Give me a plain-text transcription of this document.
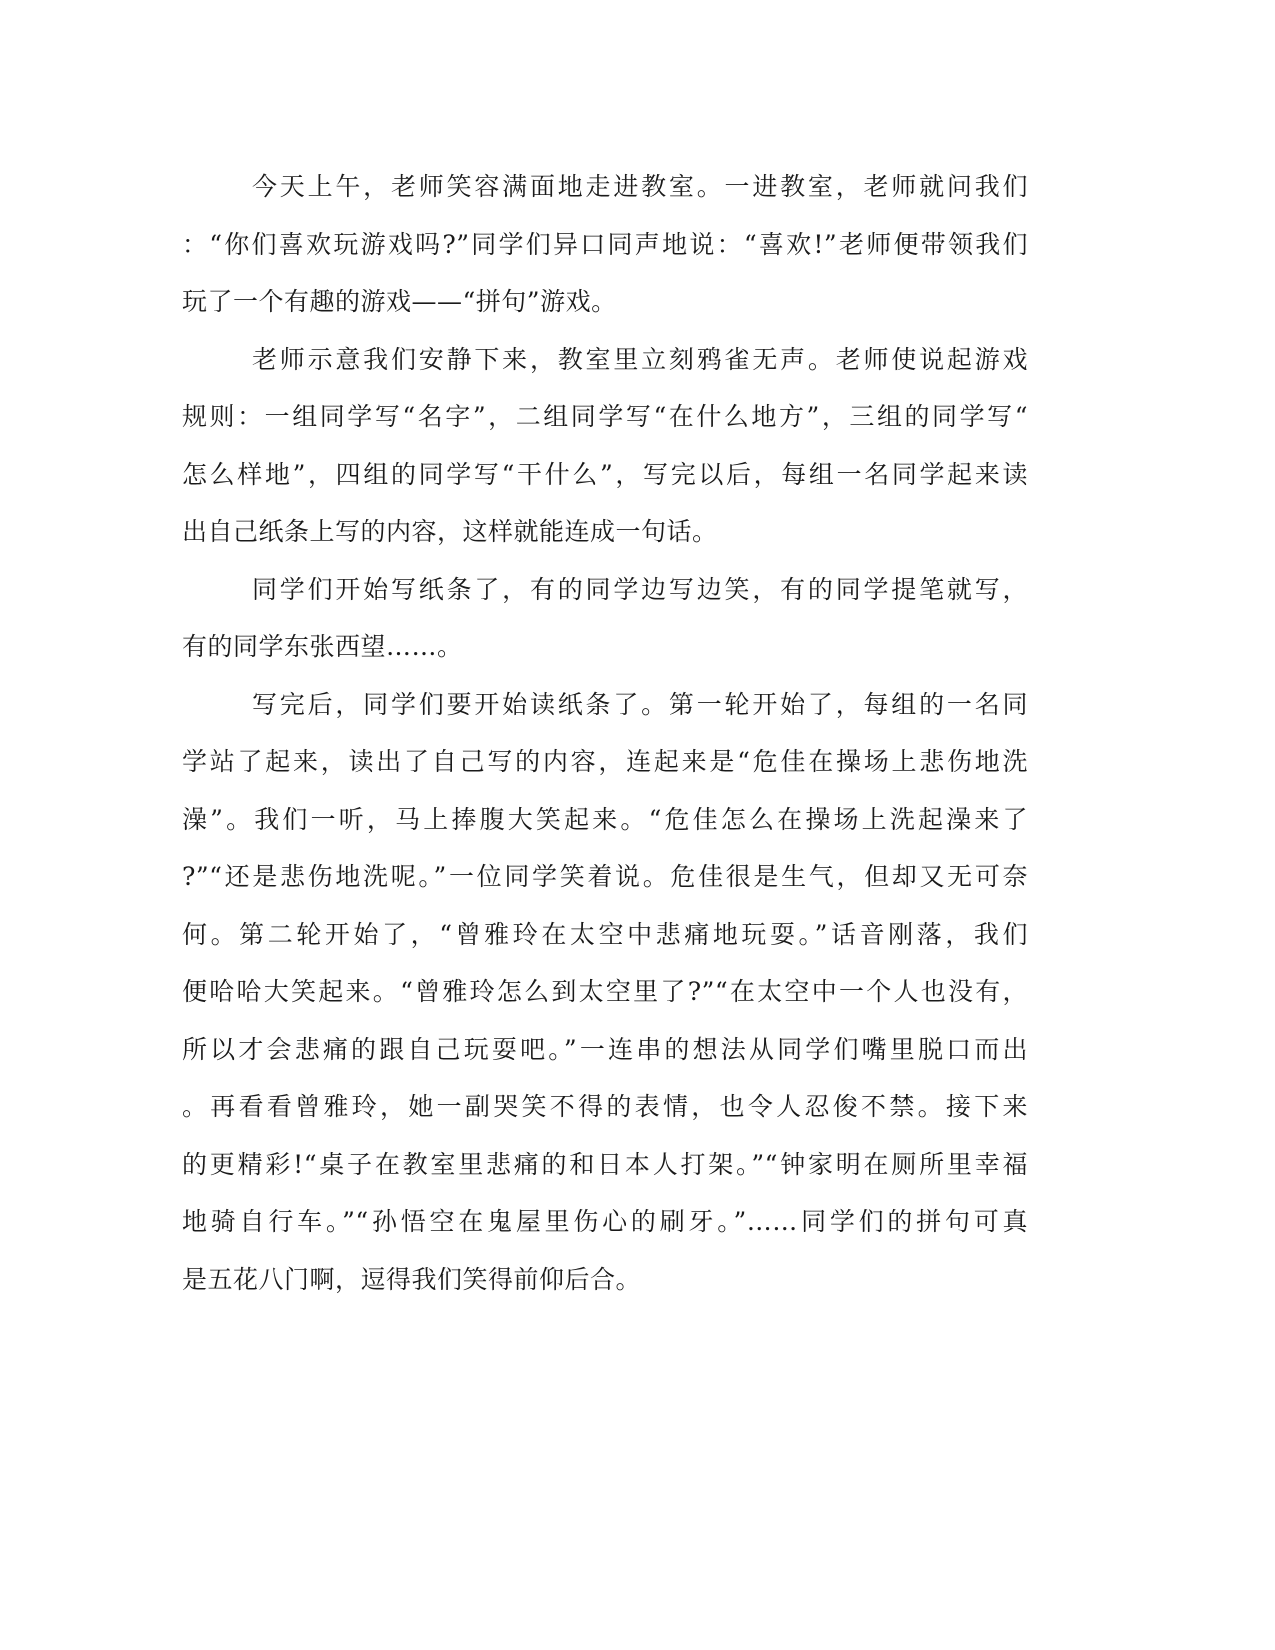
今天上午，老师笑容满面地走进教室。一进教室，老师就问我们
：“你们喜欢玩游戏吗?”同学们异口同声地说：“喜欢!”老师便带领我们
玩了一个有趣的游戏——“拼句”游戏。
老师示意我们安静下来，教室里立刻鸦雀无声。老师使说起游戏
规则：一组同学写“名字”，二组同学写“在什么地方”，三组的同学写“
怎么样地”，四组的同学写“干什么”，写完以后，每组一名同学起来读
出自己纸条上写的内容，这样就能连成一句话。
同学们开始写纸条了，有的同学边写边笑，有的同学提笔就写，
有的同学东张西望……。
写完后，同学们要开始读纸条了。第一轮开始了，每组的一名同
学站了起来，读出了自己写的内容，连起来是“危佳在操场上悲伤地洗
澡”。我们一听，马上捧腹大笑起来。“危佳怎么在操场上洗起澡来了
?”“还是悲伤地洗呢。”一位同学笑着说。危佳很是生气，但却又无可奈
何。第二轮开始了，“曾雅玲在太空中悲痛地玩耍。”话音刚落，我们
便哈哈大笑起来。“曾雅玲怎么到太空里了?”“在太空中一个人也没有，
所以才会悲痛的跟自己玩耍吧。”一连串的想法从同学们嘴里脱口而出
。再看看曾雅玲，她一副哭笑不得的表情，也令人忍俊不禁。接下来
的更精彩!“桌子在教室里悲痛的和日本人打架。”“钟家明在厕所里幸福
地骑自行车。”“孙悟空在鬼屋里伤心的刷牙。”……同学们的拼句可真
是五花八门啊，逗得我们笑得前仰后合。
